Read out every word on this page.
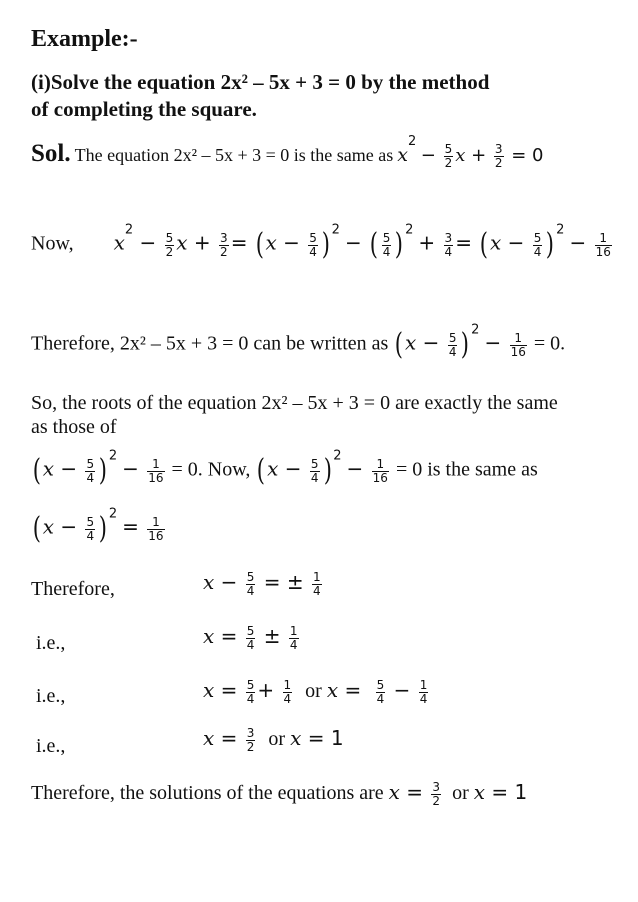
Example:-
(i)Solve the equation 2x² – 5x + 3 = 0 by the method
of completing the square.
Sol. The equation 2x² – 5x + 3 = 0 is the same as $x^2 - \frac{5}{2}$ $x + \frac{3}{2} = 0$
Now, $x^2 - \frac{5}{2}$ $x + \frac{3}{2} = (x - \frac{5}{4}$ ) $^2$ − ( $\frac{5}{4}$ ) $^2 + \frac{3}{4} = (x - \frac{5}{4}$ ) $^2 - \frac{1}{16}$
Therefore, 2x² – 5x + 3 = 0 can be written as ($x - \frac{5}{4}$ ) $^2 - \frac{1}{16} = 0$.
So, the roots of the equation 2x² – 5x + 3 = 0 are exactly the same
as those of
($x - \frac{5}{4}$ ) $^2 - \frac{1}{16} = 0$. Now, ($x - \frac{5}{4}$ ) $^2 - \frac{1}{16} = 0$ is the same as
($x - \frac{5}{4}$ ) $^2 = \frac{1}{16}$
Therefore,	$x - \frac{5}{4}$ = ± $\frac{1}{4}$
i.e.,	$x = \frac{5}{4} \pm \frac{1}{4}$
i.e.,	$x = \frac{5}{4} + \frac{1}{4}$ or $x = \frac{5}{4} - \frac{1}{4}$
i.e.,	$x = \frac{3}{2}$ or x = 1
Therefore, the solutions of the equations are $x = \frac{3}{2}$ or x = 1
